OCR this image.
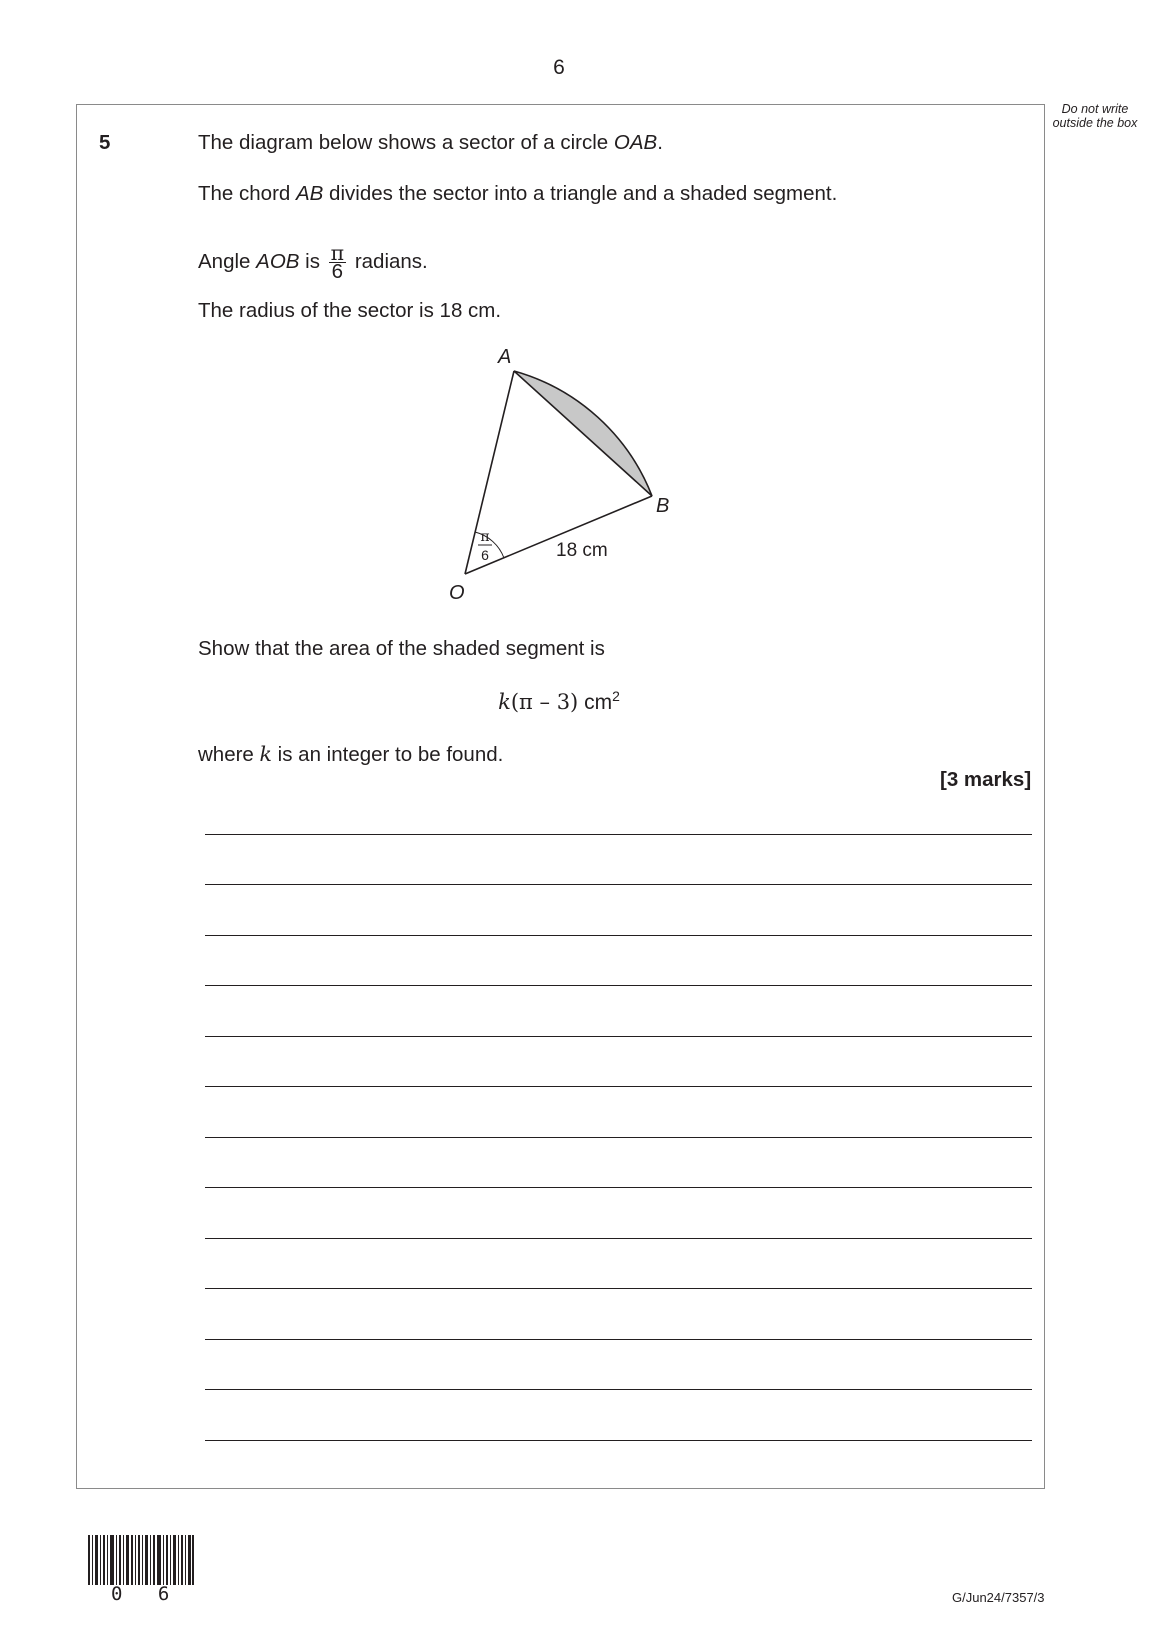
6
Do not write outside the box
5	The diagram below shows a sector of a circle OAB.
The chord AB divides the sector into a triangle and a shaded segment.
Angle AOB is $\frac{\pi}{6}$ radians.
The radius of the sector is 18 cm.
A
B
O
π
6	18 cm
Show that the area of the shaded segment is
k(π – 3) $cm^2$
where k is an integer to be found.
[3 marks]
0 6	G/Jun24/7357/3
